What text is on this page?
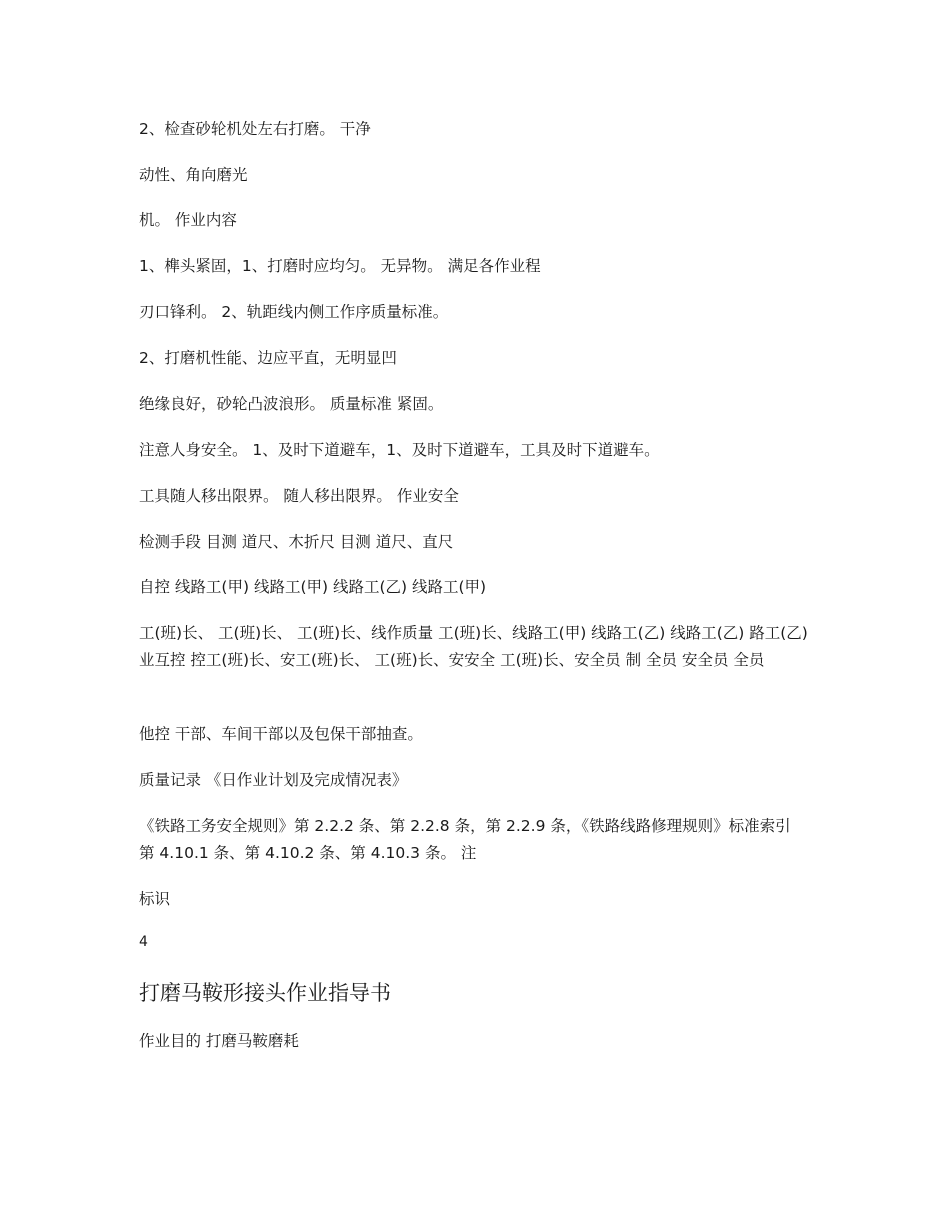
2、检查砂轮机处左右打磨。 干净
动性、角向磨光
机。 作业内容
1、榫头紧固，1、打磨时应均匀。 无异物。 满足各作业程
刃口锋利。 2、轨距线内侧工作序质量标准。
2、打磨机性能、边应平直，无明显凹
绝缘良好，砂轮凸波浪形。 质量标准 紧固。
注意人身安全。 1、及时下道避车，1、及时下道避车，工具及时下道避车。
工具随人移出限界。 随人移出限界。 作业安全
检测手段 目测 道尺、木折尺 目测 道尺、直尺
自控 线路工(甲) 线路工(甲) 线路工(乙) 线路工(甲)
工(班)长、 工(班)长、 工(班)长、线作质量 工(班)长、线路工(甲) 线路工(乙) 线路工(乙) 路工(乙) 业互控 控工(班)长、安工(班)长、 工(班)长、安安全 工(班)长、安全员 制 全员 安全员 全员
他控 干部、车间干部以及包保干部抽查。
质量记录 《日作业计划及完成情况表》
《铁路工务安全规则》第 2.2.2 条、第 2.2.8 条，第 2.2.9 条，《铁路线路修理规则》标准索引 第 4.10.1 条、第 4.10.2 条、第 4.10.3 条。 注
标识
4
打磨马鞍形接头作业指导书
作业目的 打磨马鞍磨耗
